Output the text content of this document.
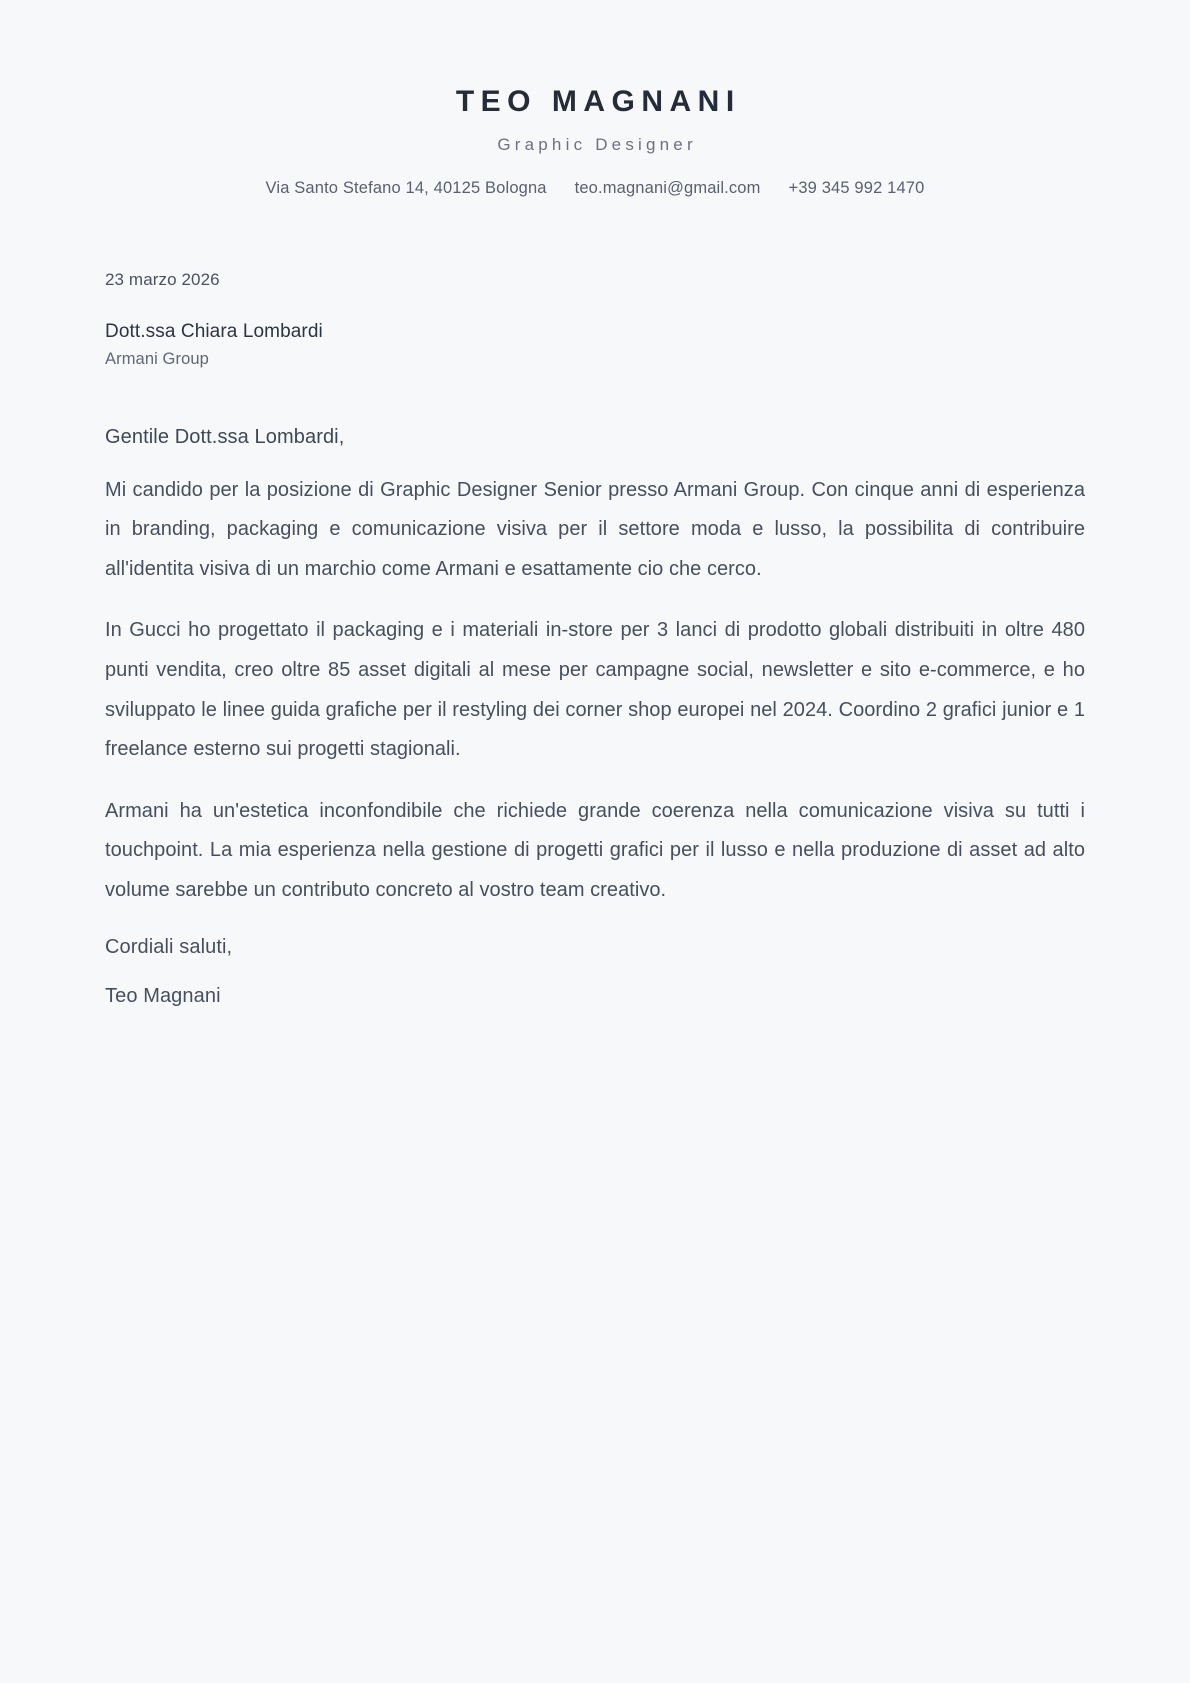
TEO MAGNANI
Graphic Designer
Via Santo Stefano 14, 40125 Bologna teo.magnani@gmail.com +39 345 992 1470
23 marzo 2026
Dott.ssa Chiara Lombardi
Armani Group
Gentile Dott.ssa Lombardi,

Mi candido per la posizione di Graphic Designer Senior presso Armani Group. Con cinque anni di esperienza in branding, packaging e comunicazione visiva per il settore moda e lusso, la possibilita di contribuire all'identita visiva di un marchio come Armani e esattamente cio che cerco.

In Gucci ho progettato il packaging e i materiali in-store per 3 lanci di prodotto globali distribuiti in oltre 480 punti vendita, creo oltre 85 asset digitali al mese per campagne social, newsletter e sito e-commerce, e ho sviluppato le linee guida grafiche per il restyling dei corner shop europei nel 2024. Coordino 2 grafici junior e 1 freelance esterno sui progetti stagionali.

Armani ha un'estetica inconfondibile che richiede grande coerenza nella comunicazione visiva su tutti i touchpoint. La mia esperienza nella gestione di progetti grafici per il lusso e nella produzione di asset ad alto volume sarebbe un contributo concreto al vostro team creativo.

Cordiali saluti,
Teo Magnani
